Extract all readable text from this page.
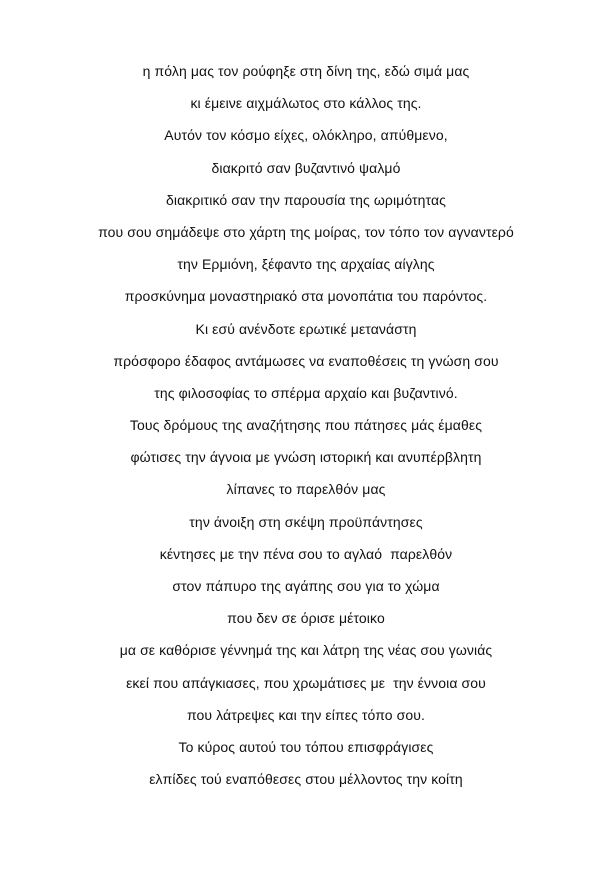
η πόλη μας τον ρούφηξε στη δίνη της, εδώ σιμά μας
κι έμεινε αιχμάλωτος στο κάλλος της.
Αυτόν τον κόσμο είχες, ολόκληρο, απύθμενο,
διακριτό σαν βυζαντινό ψαλμό
διακριτικό σαν την παρουσία της ωριμότητας
που σου σημάδεψε στο χάρτη της μοίρας, τον τόπο τον αγναντερό
την Ερμιόνη, ξέφαντο της αρχαίας αίγλης
προσκύνημα μοναστηριακό στα μονοπάτια του παρόντος.
Κι εσύ ανένδοτε ερωτικέ μετανάστη
πρόσφορο έδαφος αντάμωσες να εναποθέσεις τη γνώση σου
της φιλοσοφίας το σπέρμα αρχαίο και βυζαντινό.
Τους δρόμους της αναζήτησης που πάτησες μάς έμαθες
φώτισες την άγνοια με γνώση ιστορική και ανυπέρβλητη
λίπανες το παρελθόν μας
την άνοιξη στη σκέψη προϋπάντησες
κέντησες με την πένα σου το αγλαό  παρελθόν
στον πάπυρο της αγάπης σου για το χώμα
που δεν σε όρισε μέτοικο
μα σε καθόρισε γέννημά της και λάτρη της νέας σου γωνιάς
εκεί που απάγκιασες, που χρωμάτισες με  την έννοια σου
που λάτρεψες και την είπες τόπο σου.
Το κύρος αυτού του τόπου επισφράγισες
ελπίδες τού εναπόθεσες στου μέλλοντος την κοίτη
